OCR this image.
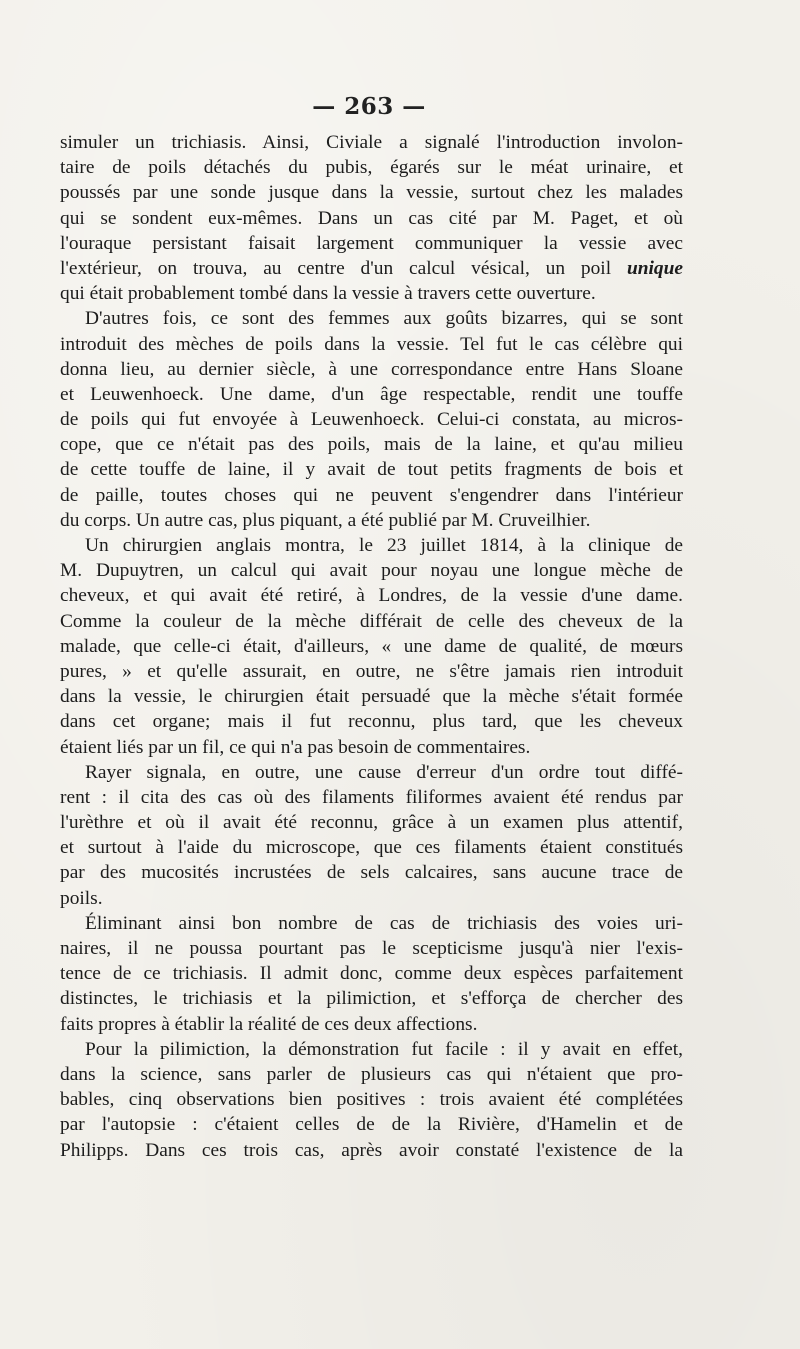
— 263 —
simuler un trichiasis. Ainsi, Civiale a signalé l'introduction involon-
taire de poils détachés du pubis, égarés sur le méat urinaire, et
poussés par une sonde jusque dans la vessie, surtout chez les malades
qui se sondent eux-mêmes. Dans un cas cité par M. Paget, et où
l'ouraque persistant faisait largement communiquer la vessie avec
l'extérieur, on trouva, au centre d'un calcul vésical, un poil unique
qui était probablement tombé dans la vessie à travers cette ouverture.
D'autres fois, ce sont des femmes aux goûts bizarres, qui se sont
introduit des mèches de poils dans la vessie. Tel fut le cas célèbre qui
donna lieu, au dernier siècle, à une correspondance entre Hans Sloane
et Leuwenhoeck. Une dame, d'un âge respectable, rendit une touffe
de poils qui fut envoyée à Leuwenhoeck. Celui-ci constata, au micros-
cope, que ce n'était pas des poils, mais de la laine, et qu'au milieu
de cette touffe de laine, il y avait de tout petits fragments de bois et
de paille, toutes choses qui ne peuvent s'engendrer dans l'intérieur
du corps. Un autre cas, plus piquant, a été publié par M. Cruveilhier.
Un chirurgien anglais montra, le 23 juillet 1814, à la clinique de
M. Dupuytren, un calcul qui avait pour noyau une longue mèche de
cheveux, et qui avait été retiré, à Londres, de la vessie d'une dame.
Comme la couleur de la mèche différait de celle des cheveux de la
malade, que celle-ci était, d'ailleurs, « une dame de qualité, de mœurs
pures, » et qu'elle assurait, en outre, ne s'être jamais rien introduit
dans la vessie, le chirurgien était persuadé que la mèche s'était formée
dans cet organe; mais il fut reconnu, plus tard, que les cheveux
étaient liés par un fil, ce qui n'a pas besoin de commentaires.
Rayer signala, en outre, une cause d'erreur d'un ordre tout diffé-
rent : il cita des cas où des filaments filiformes avaient été rendus par
l'urèthre et où il avait été reconnu, grâce à un examen plus attentif,
et surtout à l'aide du microscope, que ces filaments étaient constitués
par des mucosités incrustées de sels calcaires, sans aucune trace de
poils.
Éliminant ainsi bon nombre de cas de trichiasis des voies uri-
naires, il ne poussa pourtant pas le scepticisme jusqu'à nier l'exis-
tence de ce trichiasis. Il admit donc, comme deux espèces parfaitement
distinctes, le trichiasis et la pilimiction, et s'efforça de chercher des
faits propres à établir la réalité de ces deux affections.
Pour la pilimiction, la démonstration fut facile : il y avait en effet,
dans la science, sans parler de plusieurs cas qui n'étaient que pro-
bables, cinq observations bien positives : trois avaient été complétées
par l'autopsie : c'étaient celles de de la Rivière, d'Hamelin et de
Philipps. Dans ces trois cas, après avoir constaté l'existence de la
